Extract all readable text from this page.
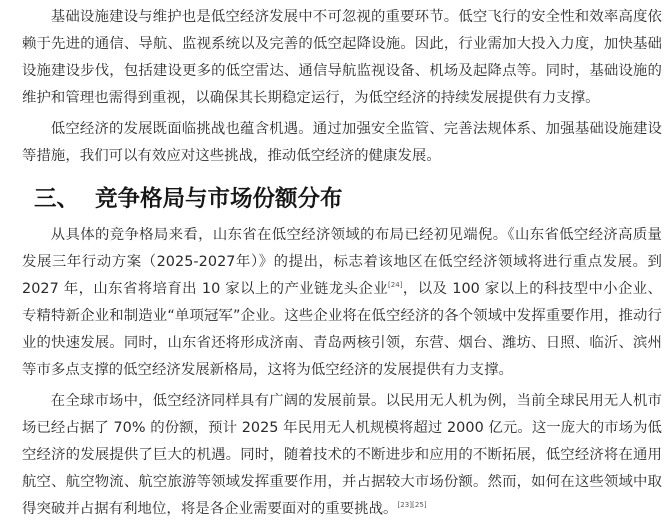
基础设施建设与维护也是低空经济发展中不可忽视的重要环节。低空飞行的安全性和效率高度依赖于先进的通信、导航、监视系统以及完善的低空起降设施。因此，行业需加大投入力度，加快基础设施建设步伐，包括建设更多的低空雷达、通信导航监视设备、机场及起降点等。同时，基础设施的维护和管理也需得到重视，以确保其长期稳定运行，为低空经济的持续发展提供有力支撑。

低空经济的发展既面临挑战也蕴含机遇。通过加强安全监管、完善法规体系、加强基础设施建设等措施，我们可以有效应对这些挑战，推动低空经济的健康发展。

三、 竞争格局与市场份额分布

从具体的竞争格局来看，山东省在低空经济领域的布局已经初见端倪。《山东省低空经济高质量发展三年行动方案（2025-2027年）》的提出，标志着该地区在低空经济领域将进行重点发展。到 2027 年，山东省将培育出 10 家以上的产业链龙头企业[24]，以及 100 家以上的科技型中小企业、专精特新企业和制造业“单项冠军”企业。这些企业将在低空经济的各个领域中发挥重要作用，推动行业的快速发展。同时，山东省还将形成济南、青岛两核引领，东营、烟台、潍坊、日照、临沂、滨州等市多点支撑的低空经济发展新格局，这将为低空经济的发展提供有力支撑。

在全球市场中，低空经济同样具有广阔的发展前景。以民用无人机为例，当前全球民用无人机市场已经占据了 70% 的份额，预计 2025 年民用无人机规模将超过 2000 亿元。这一庞大的市场为低空经济的发展提供了巨大的机遇。同时，随着技术的不断进步和应用的不断拓展，低空经济将在通用航空、航空物流、航空旅游等领域发挥重要作用，并占据较大市场份额。然而，如何在这些领域中取得突破并占据有利地位，将是各企业需要面对的重要挑战。[23][25]
